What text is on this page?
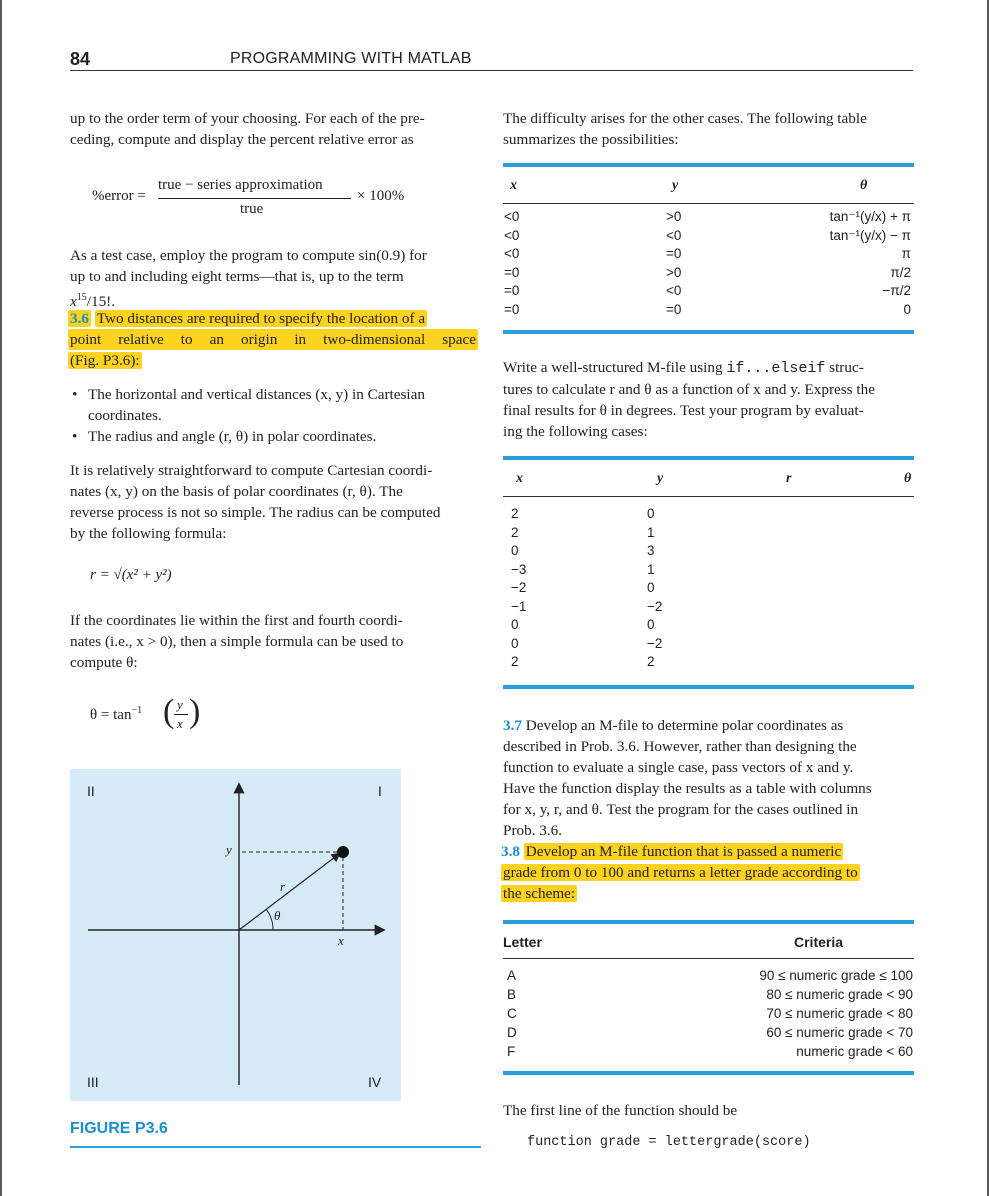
84	PROGRAMMING WITH MATLAB
up to the order term of your choosing. For each of the pre-
ceding, compute and display the percent relative error as
%error =
true − series approximation
true
× 100%
As a test case, employ the program to compute sin(0.9) for
up to and including eight terms—that is, up to the term
$x^{15}/15$!.
3.6 Two distances are required to specify the location of a
point relative to an origin in two-dimensional space
(Fig. P3.6):
• The horizontal and vertical distances (x, y) in Cartesian
coordinates.
• The radius and angle (r, θ) in polar coordinates.
It is relatively straightforward to compute Cartesian coordi-
nates (x, y) on the basis of polar coordinates (r, θ). The
reverse process is not so simple. The radius can be computed
by the following formula:
r = √(x² + y²)
If the coordinates lie within the first and fourth coordi-
nates (i.e., x > 0), then a simple formula can be used to
compute θ:
$\theta = \tan^{-1}$ ( y
x )
II	I
III	IV
y
x
r
θ
FIGURE P3.6
The difficulty arises for the other cases. The following table
summarizes the possibilities:
x	y	θ
<0	>0	tan⁻¹(y/x) + π
<0	<0	tan⁻¹(y/x) − π
<0	=0	π
=0	>0	π/2
=0	<0	−π/2
=0	=0	0
Write a well-structured M-file using if...elseif struc-
tures to calculate r and θ as a function of x and y. Express the
final results for θ in degrees. Test your program by evaluat-
ing the following cases:
x	y	r	θ
2	0
2	1
0	3
−3	1
−2	0
−1	−2
0	0
0	−2
2	2
3.7 Develop an M-file to determine polar coordinates as
described in Prob. 3.6. However, rather than designing the
function to evaluate a single case, pass vectors of x and y.
Have the function display the results as a table with columns
for x, y, r, and θ. Test the program for the cases outlined in
Prob. 3.6.
3.8 Develop an M-file function that is passed a numeric
grade from 0 to 100 and returns a letter grade according to
the scheme:
Letter	Criteria
A	90 ≤ numeric grade ≤ 100
B	80 ≤ numeric grade < 90
C	70 ≤ numeric grade < 80
D	60 ≤ numeric grade < 70
F	numeric grade < 60
The first line of the function should be
function grade = lettergrade(score)
